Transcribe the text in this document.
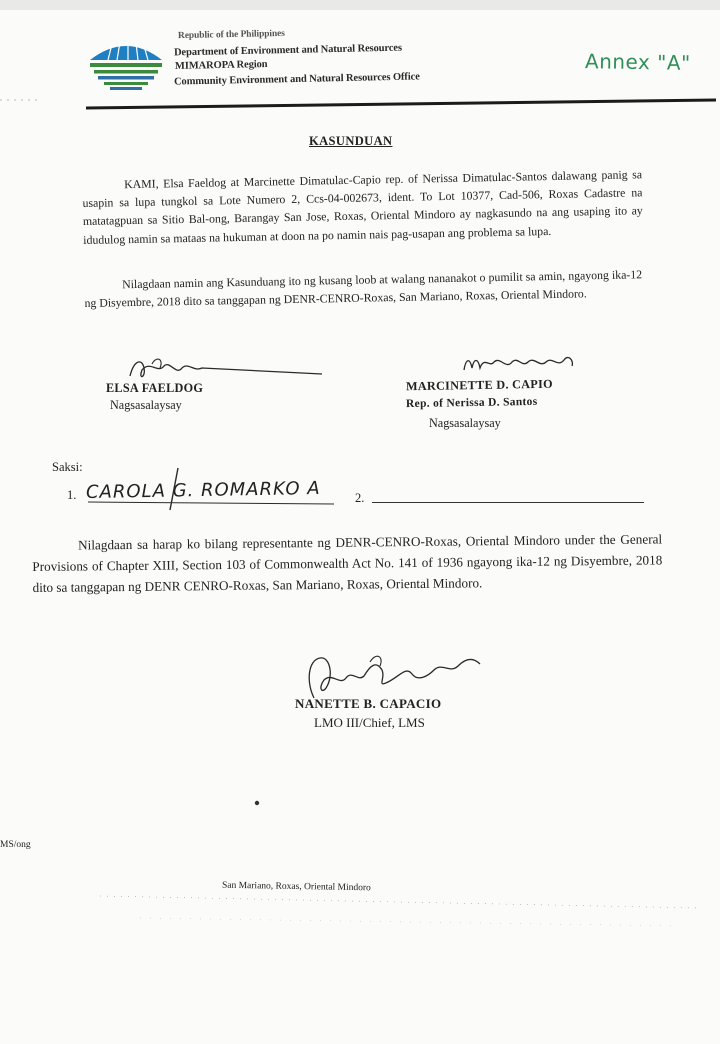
Republic of the Philippines
Department of Environment and Natural Resources
MIMAROPA Region
Community Environment and Natural Resources Office
Annex "A"
KASUNDUAN
KAMI, Elsa Faeldog at Marcinette Dimatulac-Capio rep. of Nerissa Dimatulac-Santos dalawang panig sa usapin sa lupa tungkol sa Lote Numero 2, Ccs-04-002673, ident. To Lot 10377, Cad-506, Roxas Cadastre na matatagpuan sa Sitio Bal-ong, Barangay San Jose, Roxas, Oriental Mindoro ay nagkasundo na ang usaping ito ay idudulog namin sa mataas na hukuman at doon na po namin nais pag-usapan ang problema sa lupa.
Nilagdaan namin ang Kasunduang ito ng kusang loob at walang nananakot o pumilit sa amin, ngayong ika-12 ng Disyembre, 2018 dito sa tanggapan ng DENR-CENRO-Roxas, San Mariano, Roxas, Oriental Mindoro.
ELSA FAELDOG
Nagsasalaysay
MARCINETTE D. CAPIO
Rep. of Nerissa D. Santos
Nagsasalaysay
Saksi:
1. CAROLA G. ROMARKO A	2.
Nilagdaan sa harap ko bilang representante ng DENR-CENRO-Roxas, Oriental Mindoro under the General Provisions of Chapter XIII, Section 103 of Commonwealth Act No. 141 of 1936 ngayong ika-12 ng Disyembre, 2018 dito sa tanggapan ng DENR CENRO-Roxas, San Mariano, Roxas, Oriental Mindoro.
NANETTE B. CAPACIO
LMO III/Chief, LMS
MS/ong
San Mariano, Roxas, Oriental Mindoro
